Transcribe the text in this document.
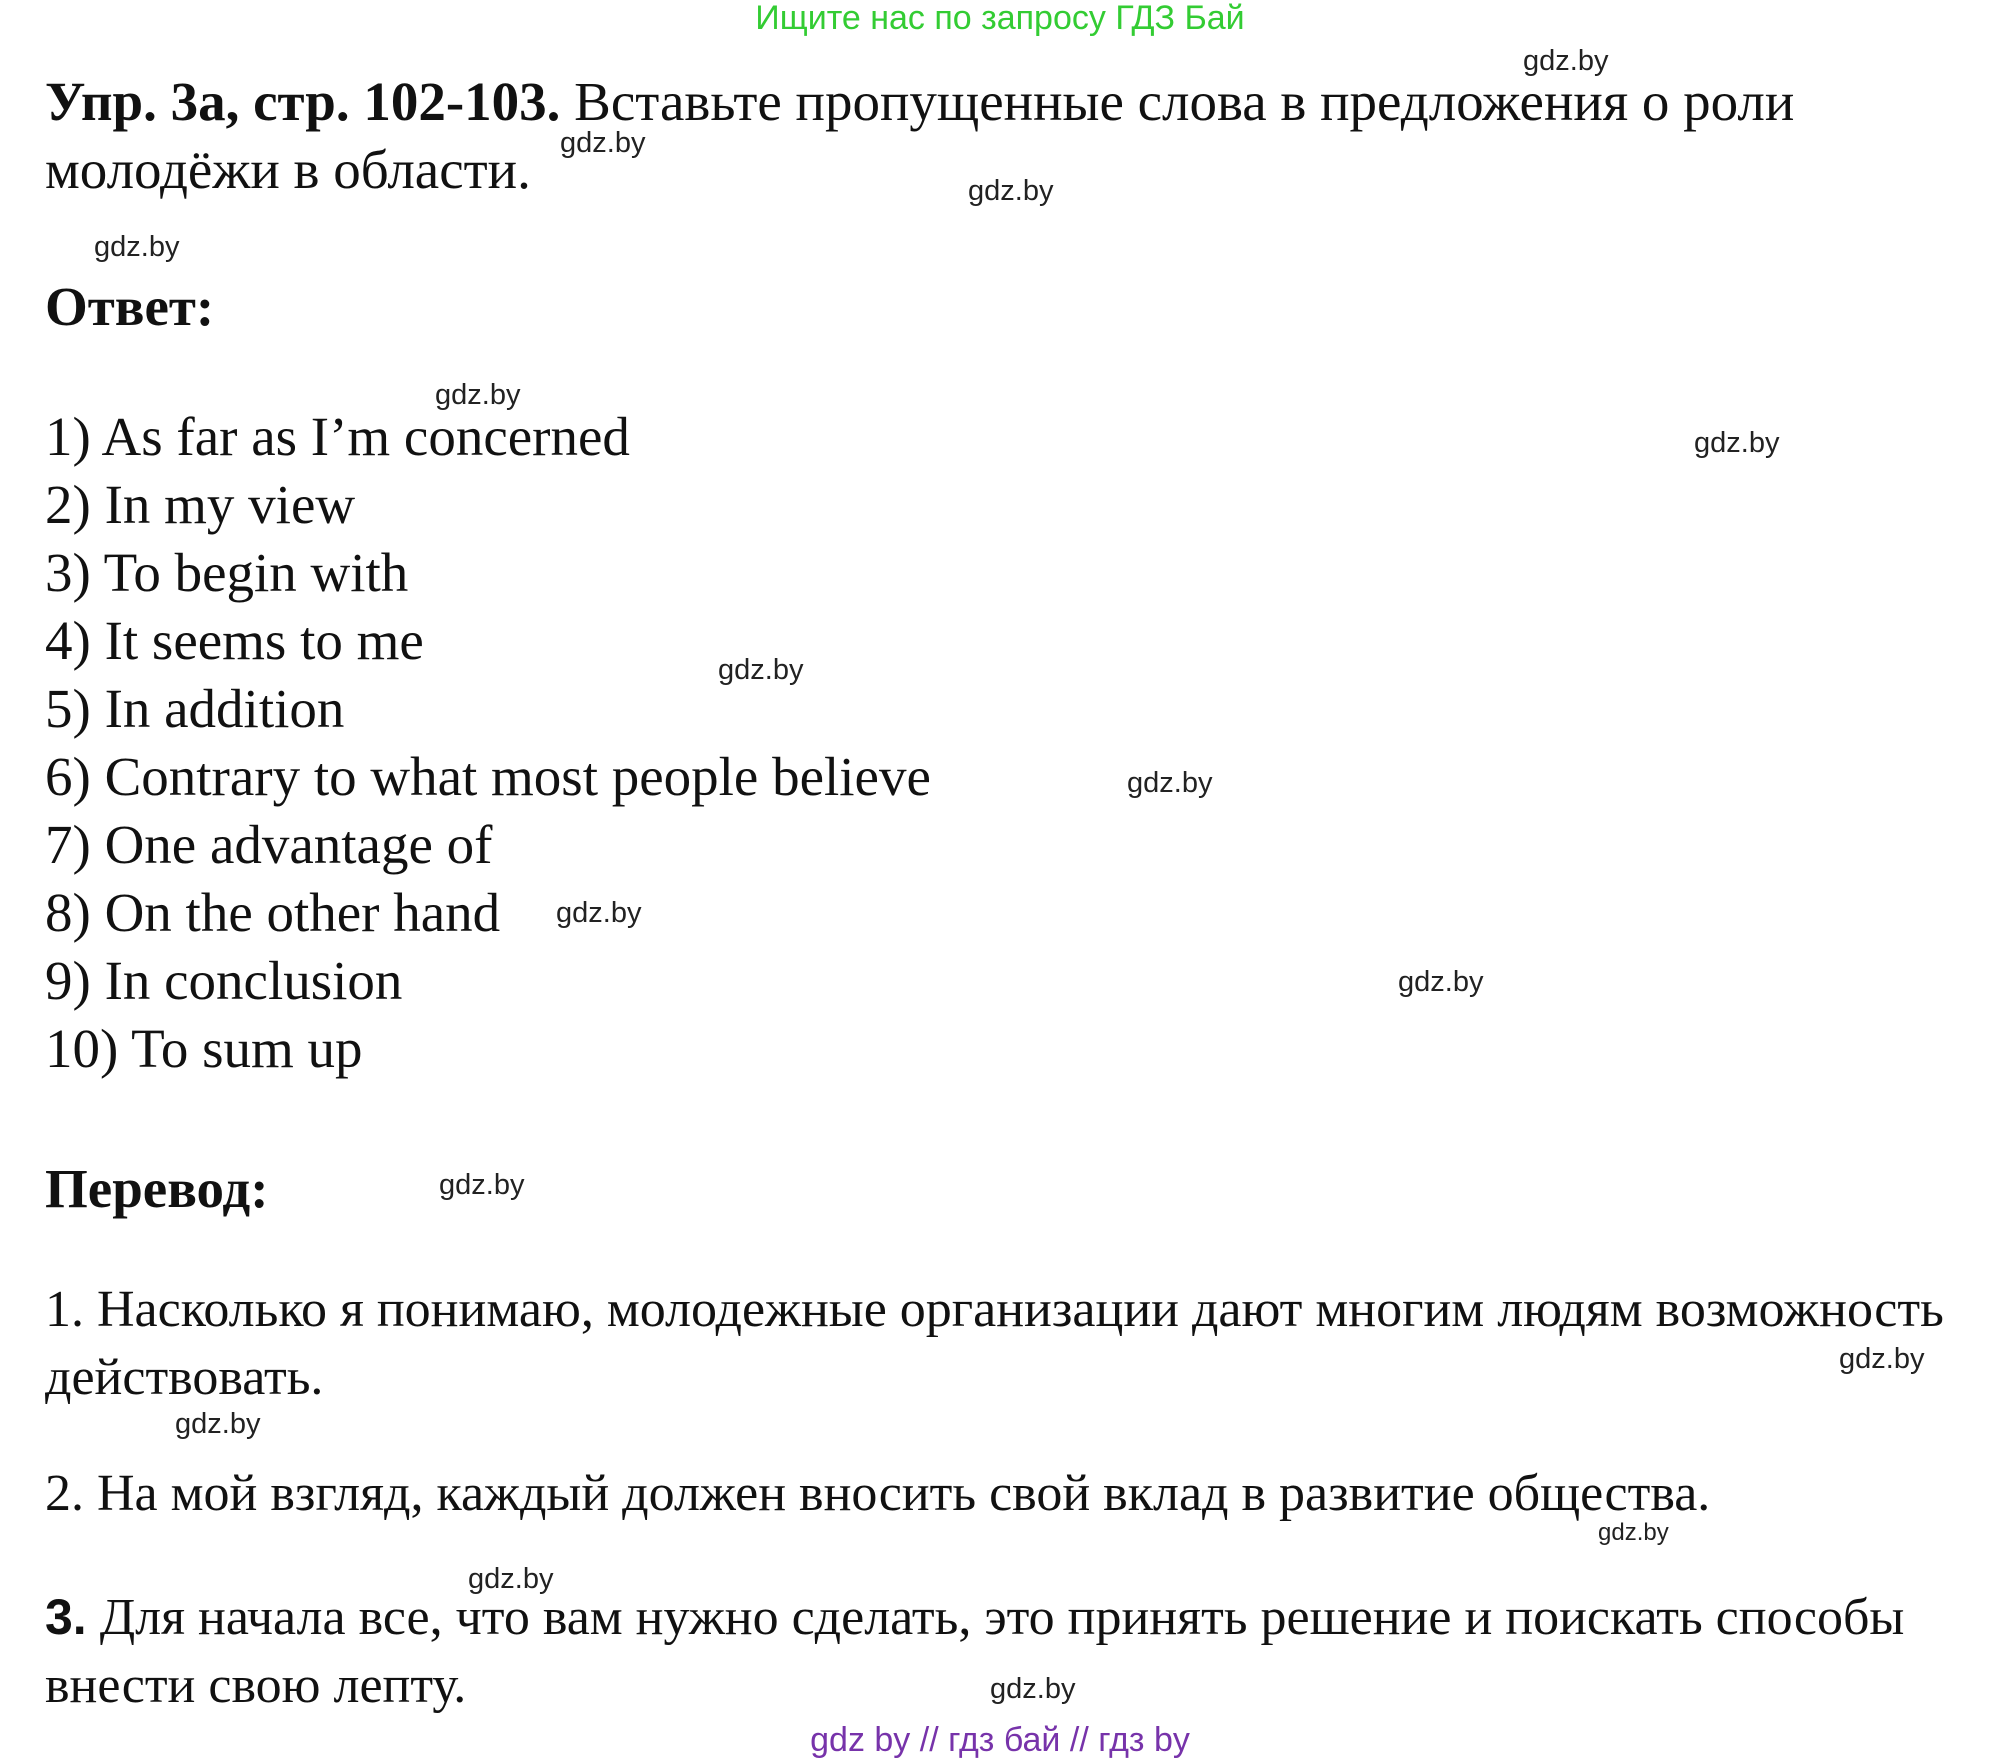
Ищите нас по запросу ГДЗ Бай
Упр. 3а, стр. 102-103. Вставьте пропущенные слова в предложения о роли молодёжи в области.
Ответ:
1) As far as I’m concerned
2) In my view
3) To begin with
4) It seems to me
5) In addition
6) Contrary to what most people believe
7) One advantage of
8) On the other hand
9) In conclusion
10) To sum up
Перевод:
1. Насколько я понимаю, молодежные организации дают многим людям возможность действовать.
2. На мой взгляд, каждый должен вносить свой вклад в развитие общества.
3. Для начала все, что вам нужно сделать, это принять решение и поискать способы внести свою лепту.
gdz.by
gdz.by
gdz.by
gdz.by
gdz.by
gdz.by
gdz.by
gdz.by
gdz.by
gdz.by
gdz.by
gdz.by
gdz.by
gdz.by
gdz.by
gdz.by
gdz by // гдз бай // гдз by
